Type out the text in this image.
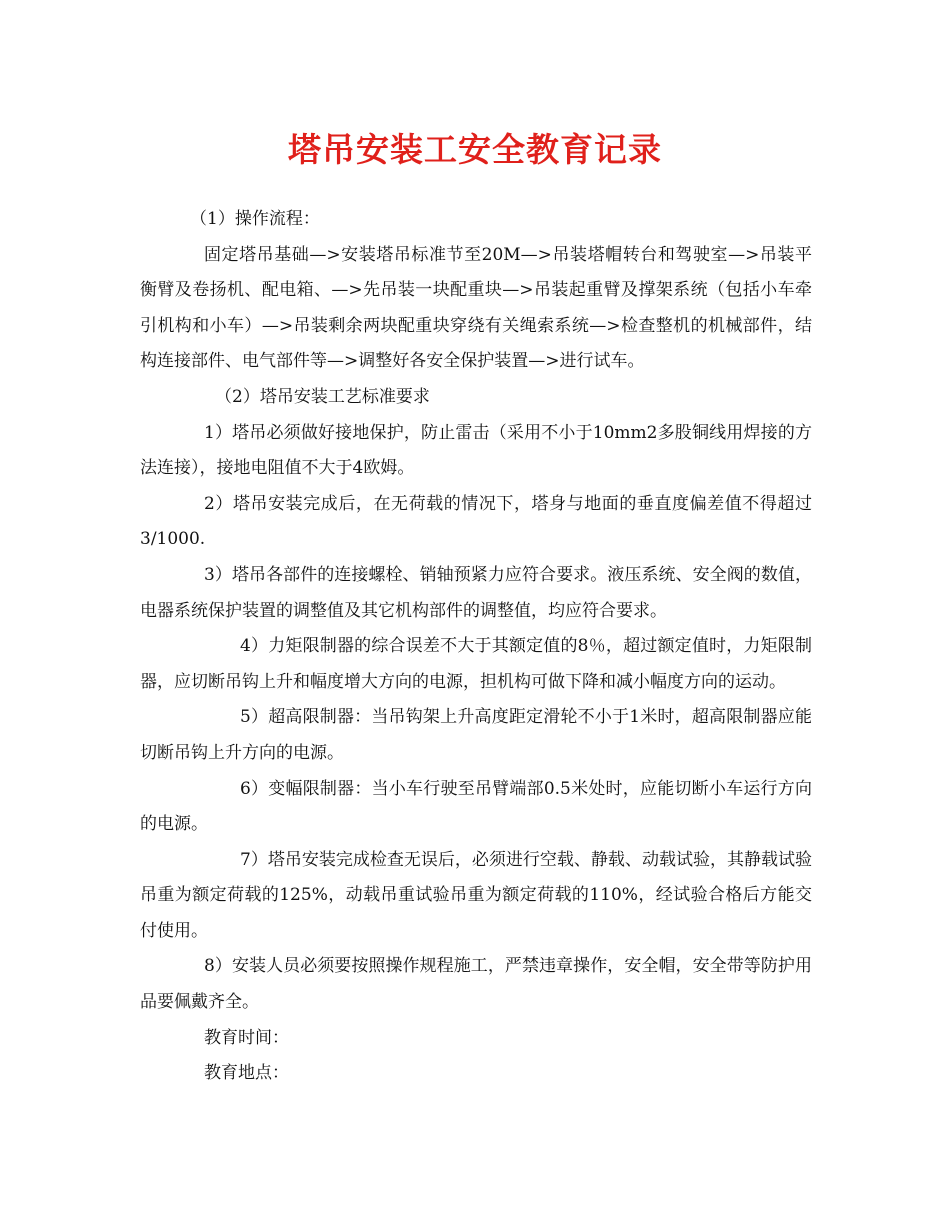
塔吊安装工安全教育记录

（1）操作流程：

固定塔吊基础—>安装塔吊标准节至20M—>吊装塔帽转台和驾驶室—>吊装平衡臂及卷扬机、配电箱、—>先吊装一块配重块—>吊装起重臂及撑架系统（包括小车牵引机构和小车）—>吊装剩余两块配重块穿绕有关绳索系统—>检查整机的机械部件，结构连接部件、电气部件等—>调整好各安全保护装置—>进行试车。

（2）塔吊安装工艺标准要求

1）塔吊必须做好接地保护，防止雷击（采用不小于10mm2多股铜线用焊接的方法连接），接地电阻值不大于4欧姆。

2）塔吊安装完成后，在无荷载的情况下，塔身与地面的垂直度偏差值不得超过3/1000.

3）塔吊各部件的连接螺栓、销轴预紧力应符合要求。液压系统、安全阀的数值，电器系统保护装置的调整值及其它机构部件的调整值，均应符合要求。

4）力矩限制器的综合误差不大于其额定值的8％，超过额定值时，力矩限制器，应切断吊钩上升和幅度增大方向的电源，担机构可做下降和减小幅度方向的运动。

5）超高限制器：当吊钩架上升高度距定滑轮不小于1米时，超高限制器应能切断吊钩上升方向的电源。

6）变幅限制器：当小车行驶至吊臂端部0.5米处时，应能切断小车运行方向的电源。

7）塔吊安装完成检查无误后，必须进行空载、静载、动载试验，其静载试验吊重为额定荷载的125%，动载吊重试验吊重为额定荷载的110%，经试验合格后方能交付使用。

8）安装人员必须要按照操作规程施工，严禁违章操作，安全帽，安全带等防护用品要佩戴齐全。

教育时间：

教育地点：
